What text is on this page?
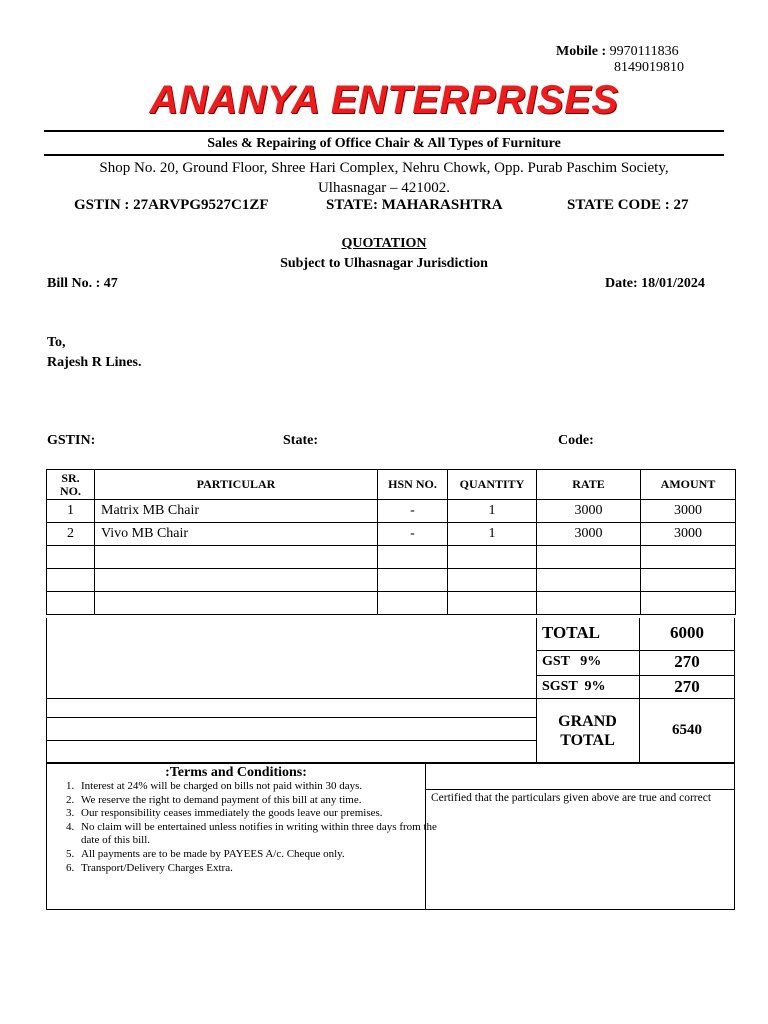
Mobile : 9970111836
8149019810
ANANYA ENTERPRISES
Sales & Repairing of Office Chair & All Types of Furniture
Shop No. 20, Ground Floor, Shree Hari Complex, Nehru Chowk, Opp. Purab Paschim Society,
Ulhasnagar – 421002.
GSTIN : 27ARVPG9527C1ZF	STATE: MAHARASHTRA	STATE CODE : 27
QUOTATION
Subject to Ulhasnagar Jurisdiction
Bill No. : 47	Date: 18/01/2024
To,
Rajesh R Lines.
GSTIN:	State:	Code:
SR. NO.	PARTICULAR	HSN NO.	QUANTITY	RATE	AMOUNT
1	Matrix MB Chair	-	1	3000	3000
2	Vivo MB Chair	-	1	3000	3000

TOTAL	6000
GST   9%	270
SGST  9%	270
GRAND
TOTAL
6540
:Terms and Conditions:
1. Interest at 24% will be charged on bills not paid within 30 days.
2. We reserve the right to demand payment of this bill at any time.
3. Our responsibility ceases immediately the goods leave our premises.
4. No claim will be entertained unless notifies in writing within three days from the date of this bill.
5. All payments are to be made by PAYEES A/c. Cheque only.
6. Transport/Delivery Charges Extra.
Certified that the particulars given above are true and correct
